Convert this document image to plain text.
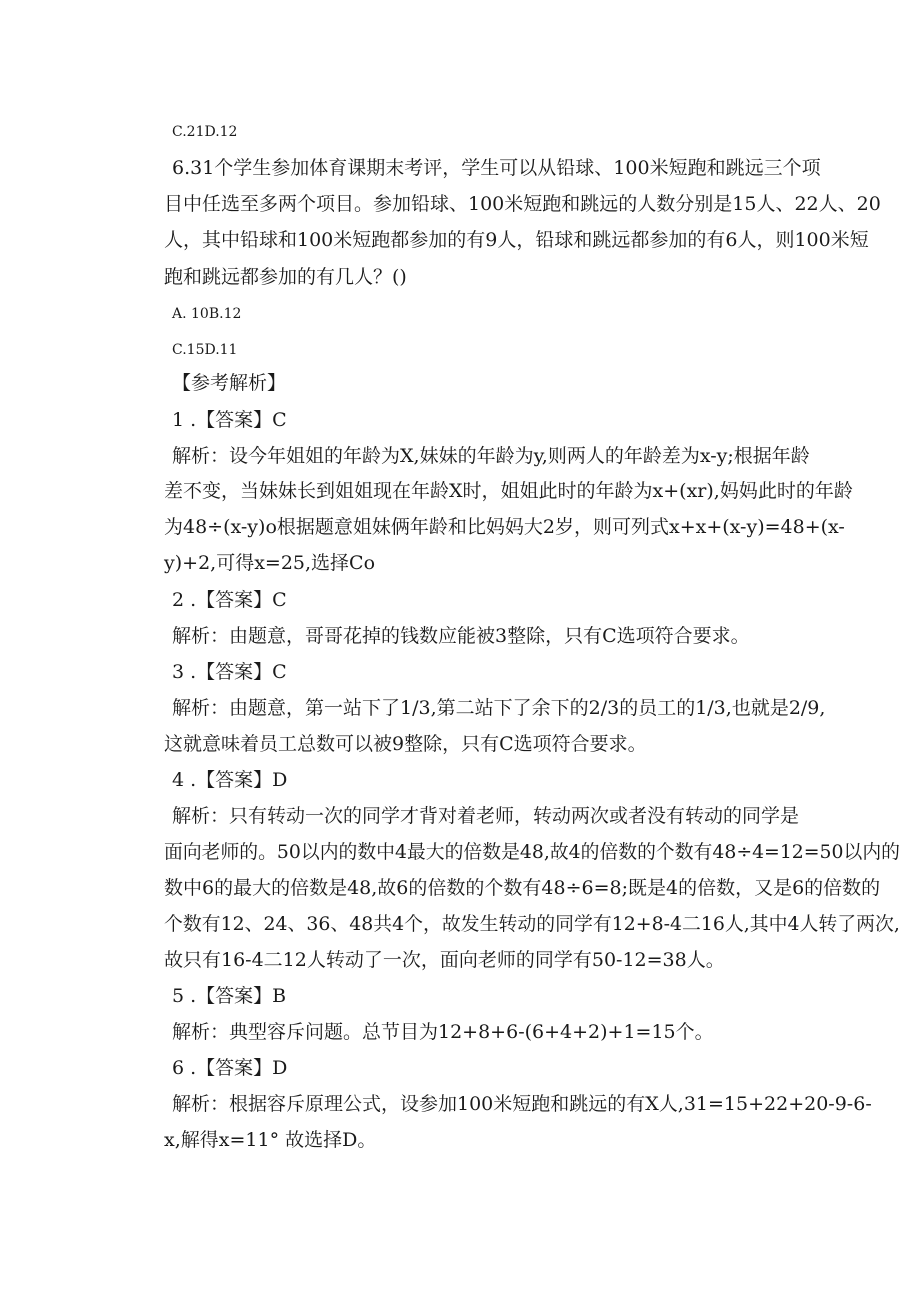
C.21D.12
6.31个学生参加体育课期末考评，学生可以从铅球、100米短跑和跳远三个项
目中任选至多两个项目。参加铅球、100米短跑和跳远的人数分别是15人、22人、20
人，其中铅球和100米短跑都参加的有9人，铅球和跳远都参加的有6人，则100米短
跑和跳远都参加的有几人？()
A. 10B.12
C.15D.11
【参考解析】
1 .【答案】C
解析：设今年姐姐的年龄为X,妹妹的年龄为y,则两人的年龄差为x-y;根据年龄
差不变，当妹妹长到姐姐现在年龄X时，姐姐此时的年龄为x+(xr),妈妈此时的年龄
为48÷(x-y)o根据题意姐妹俩年龄和比妈妈大2岁，则可列式x+x+(x-y)=48+(x-
y)+2,可得x=25,选择Co
2 .【答案】C
解析：由题意，哥哥花掉的钱数应能被3整除，只有C选项符合要求。
3 .【答案】C
解析：由题意，第一站下了1/3,第二站下了余下的2/3的员工的1/3,也就是2/9,
这就意味着员工总数可以被9整除，只有C选项符合要求。
4 .【答案】D
解析：只有转动一次的同学才背对着老师，转动两次或者没有转动的同学是
面向老师的。50以内的数中4最大的倍数是48,故4的倍数的个数有48÷4=12=50以内的
数中6的最大的倍数是48,故6的倍数的个数有48÷6=8;既是4的倍数，又是6的倍数的
个数有12、24、36、48共4个，故发生转动的同学有12+8-4二16人,其中4人转了两次,
故只有16-4二12人转动了一次，面向老师的同学有50-12=38人。
5 .【答案】B
解析：典型容斥问题。总节目为12+8+6-(6+4+2)+1=15个。
6 .【答案】D
解析：根据容斥原理公式，设参加100米短跑和跳远的有X人,31=15+22+20-9-6-
x,解得x=11° 故选择D。
